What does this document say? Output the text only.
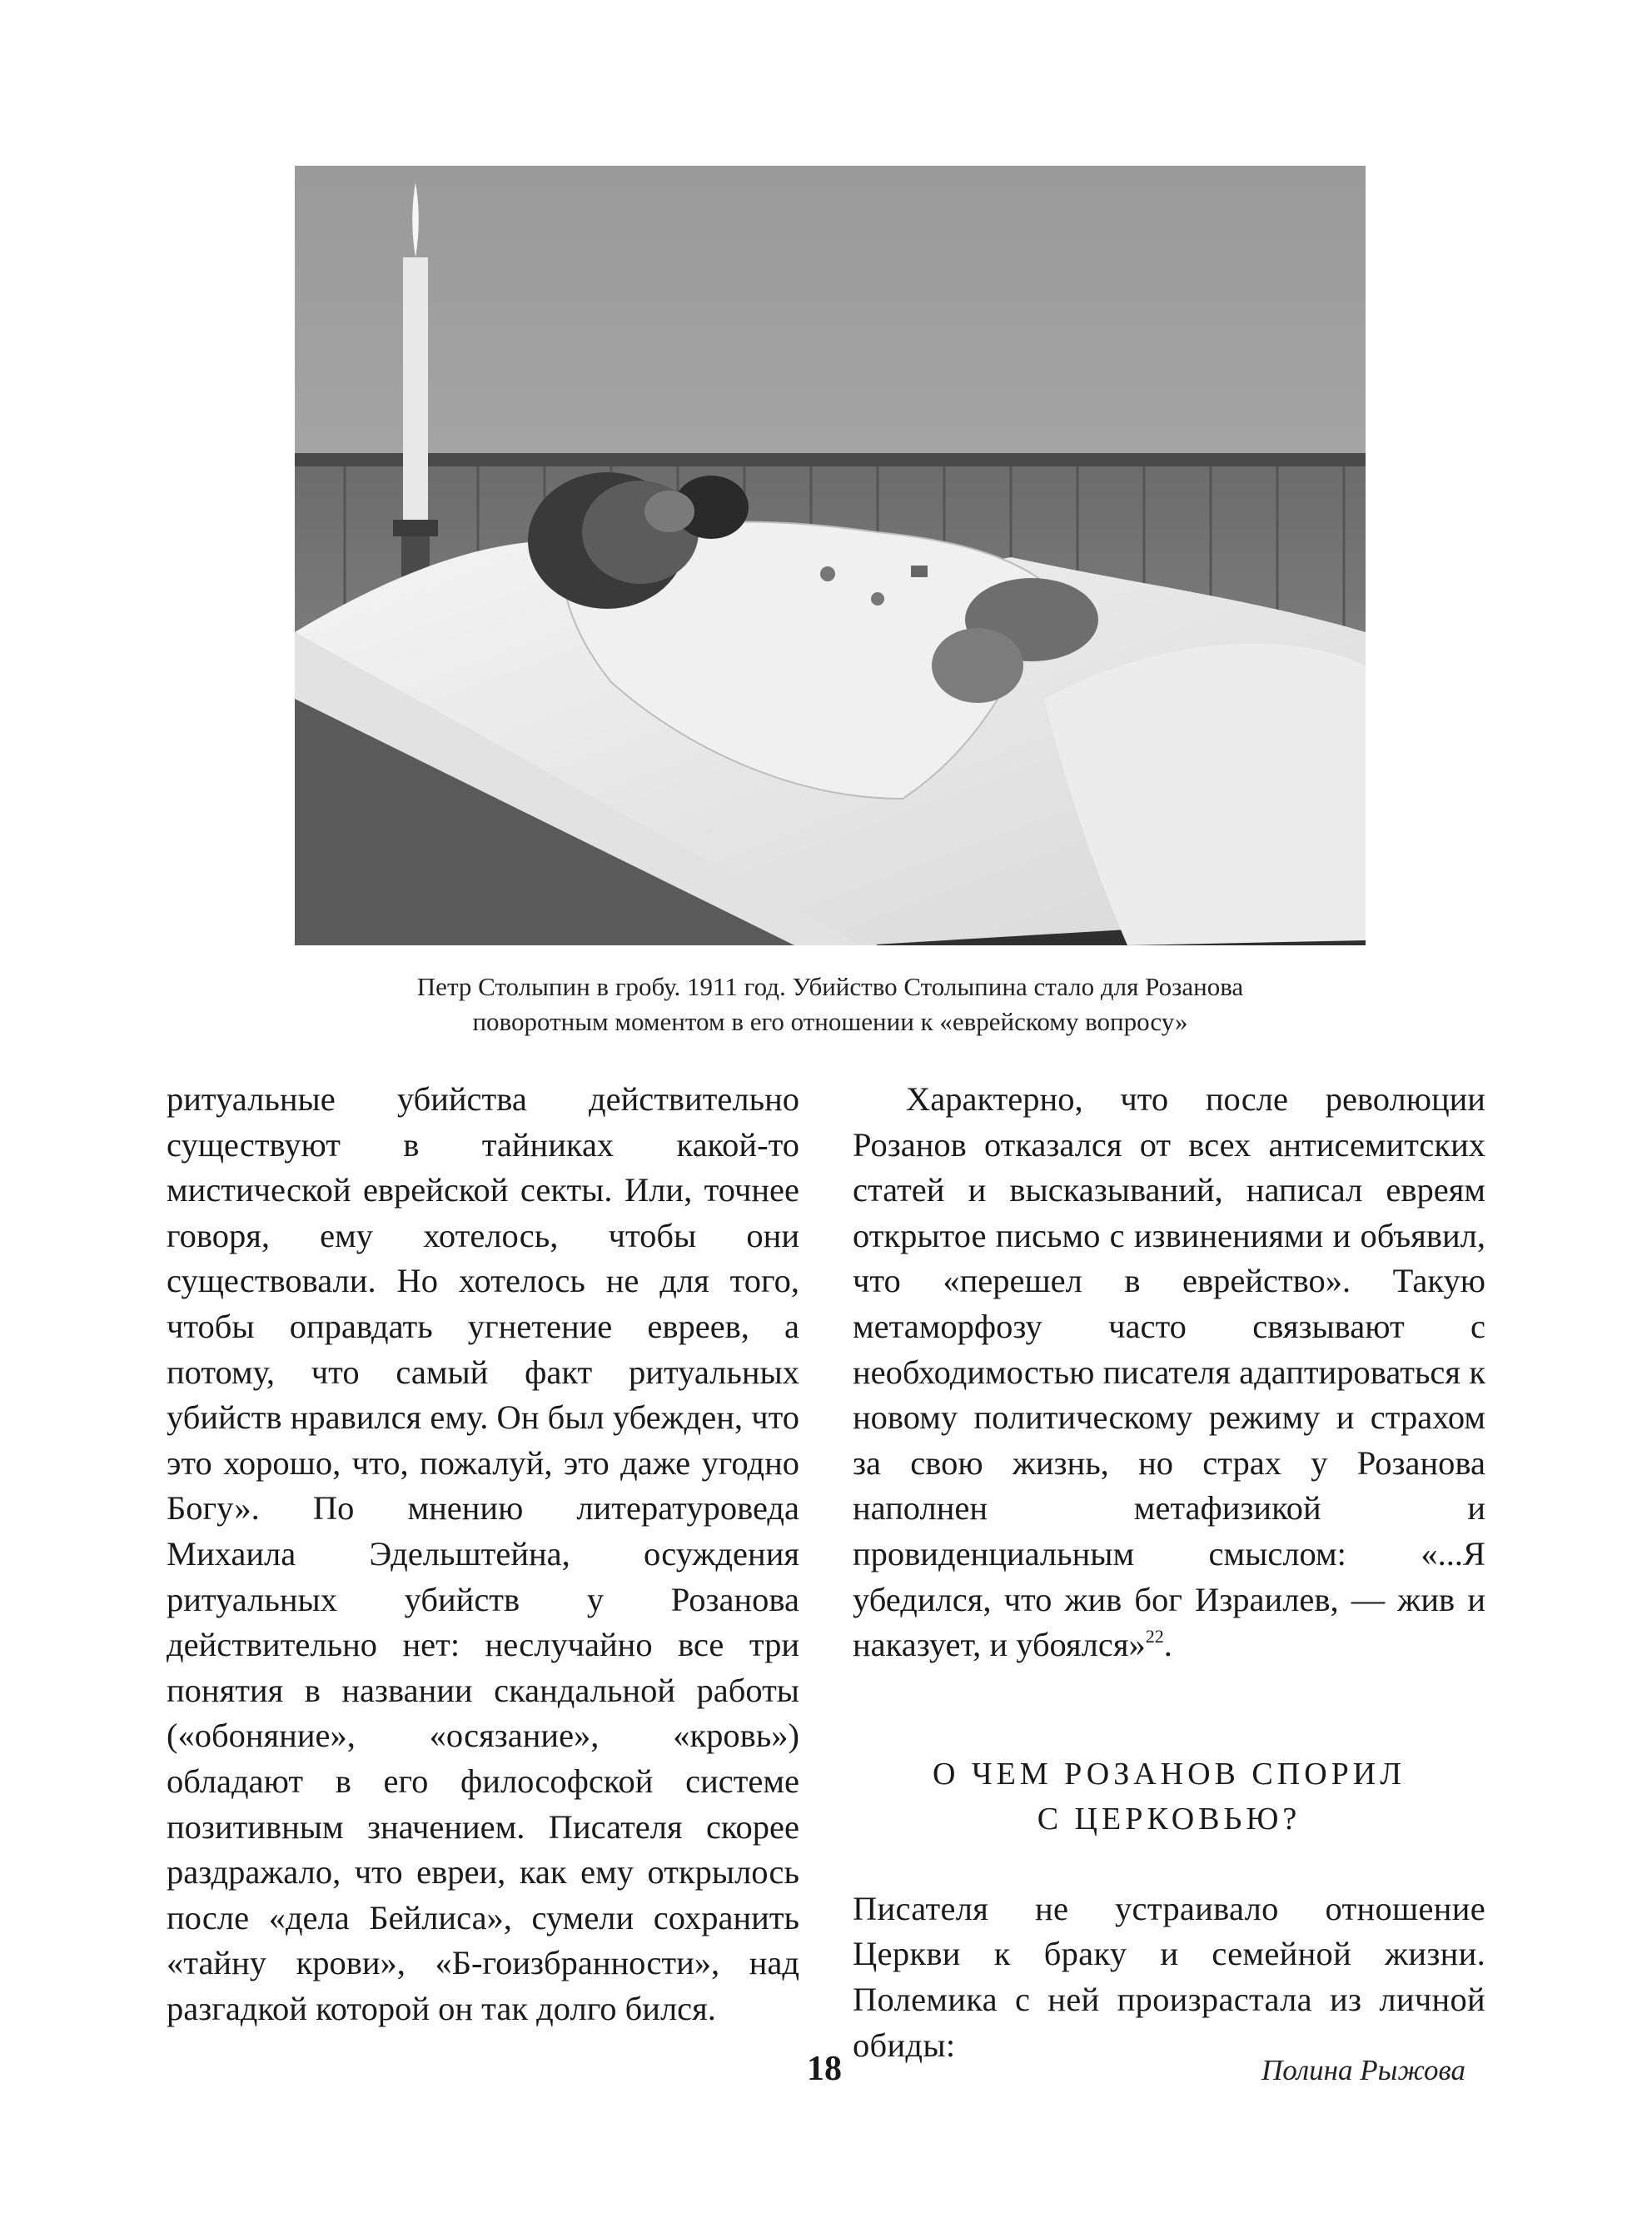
Петр Столыпин в гробу. 1911 год. Убийство Столыпина стало для Розанова
поворотным моментом в его отношении к «еврейскому вопросу»

ритуальные убийства действительно существуют в тайниках какой-то мистической еврейской секты. Или, точнее говоря, ему хотелось, чтобы они существовали. Но хотелось не для того, чтобы оправдать угнетение евреев, а потому, что самый факт ритуальных убийств нравился ему. Он был убежден, что это хорошо, что, пожалуй, это даже угодно Богу». По мнению литературоведа Михаила Эдельштейна, осуждения ритуальных убийств у Розанова действительно нет: неслучайно все три понятия в названии скандальной работы («обоняние», «осязание», «кровь») обладают в его философской системе позитивным значением. Писателя скорее раздражало, что евреи, как ему открылось после «дела Бейлиса», сумели сохранить «тайну крови», «Б-гоизбранности», над разгадкой которой он так долго бился.

Характерно, что после революции Розанов отказался от всех антисемитских статей и высказываний, написал евреям открытое письмо с извинениями и объявил, что «перешел в еврейство». Такую метаморфозу часто связывают с необходимостью писателя адаптироваться к новому политическому режиму и страхом за свою жизнь, но страх у Розанова наполнен метафизикой и провиденциальным смыслом: «...Я убедился, что жив бог Израилев, — жив и наказует, и убоялся»$^{22}$.

О ЧЕМ РОЗАНОВ СПОРИЛ
С ЦЕРКОВЬЮ?

Писателя не устраивало отношение Церкви к браку и семейной жизни. Полемика с ней произрастала из личной обиды:

18	Полина Рыжова
